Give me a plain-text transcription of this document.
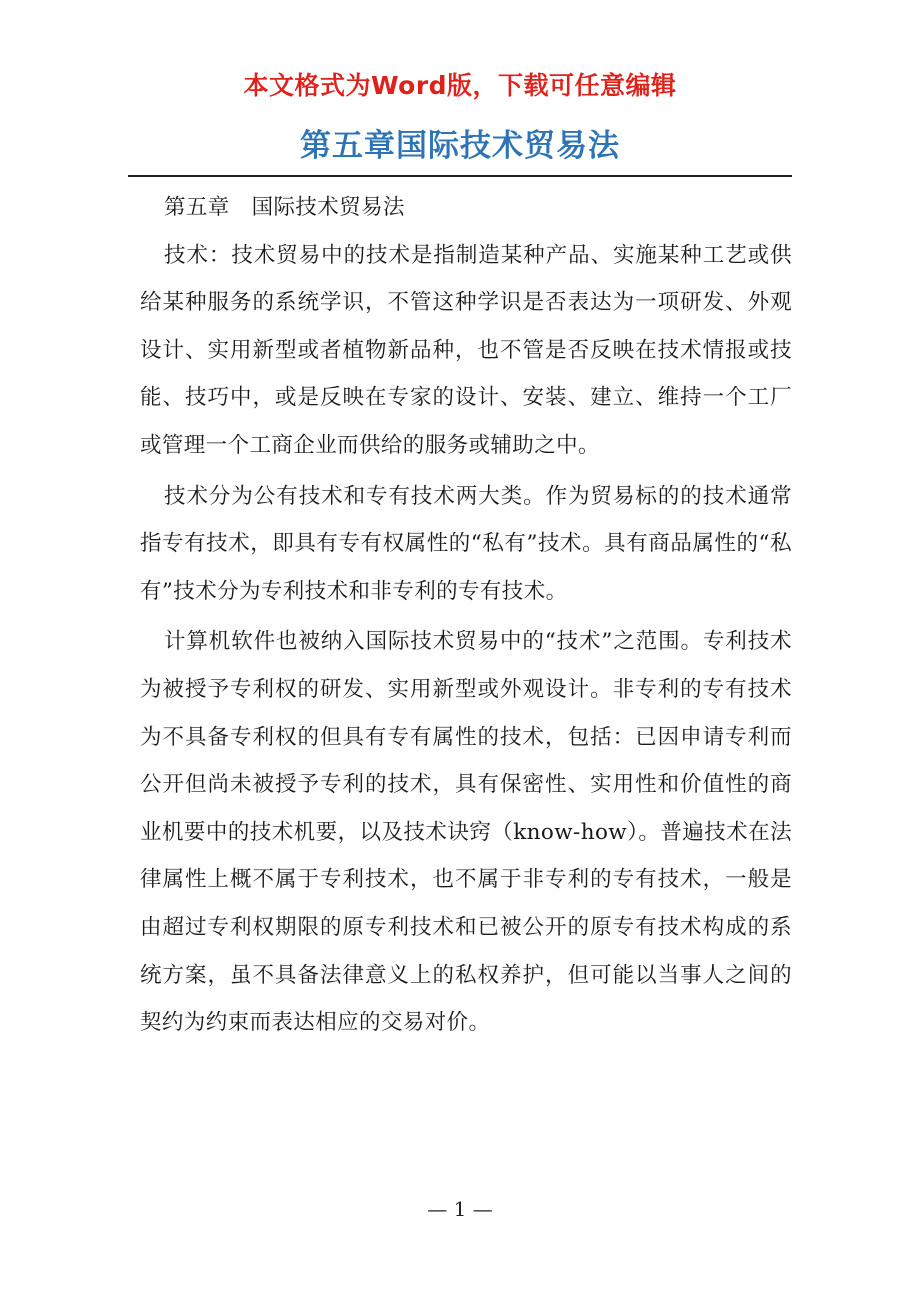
本文格式为Word版，下载可任意编辑
第五章国际技术贸易法

第五章　国际技术贸易法

技术：技术贸易中的技术是指制造某种产品、实施某种工艺或供给某种服务的系统学识，不管这种学识是否表达为一项研发、外观设计、实用新型或者植物新品种，也不管是否反映在技术情报或技能、技巧中，或是反映在专家的设计、安装、建立、维持一个工厂或管理一个工商企业而供给的服务或辅助之中。

技术分为公有技术和专有技术两大类。作为贸易标的的技术通常指专有技术，即具有专有权属性的“私有”技术。具有商品属性的“私有”技术分为专利技术和非专利的专有技术。

计算机软件也被纳入国际技术贸易中的“技术”之范围。专利技术为被授予专利权的研发、实用新型或外观设计。非专利的专有技术为不具备专利权的但具有专有属性的技术，包括：已因申请专利而公开但尚未被授予专利的技术，具有保密性、实用性和价值性的商业机要中的技术机要，以及技术诀窍（know-how）。普遍技术在法律属性上概不属于专利技术，也不属于非专利的专有技术，一般是由超过专利权期限的原专利技术和已被公开的原专有技术构成的系统方案，虽不具备法律意义上的私权养护，但可能以当事人之间的契约为约束而表达相应的交易对价。

— 1 —
